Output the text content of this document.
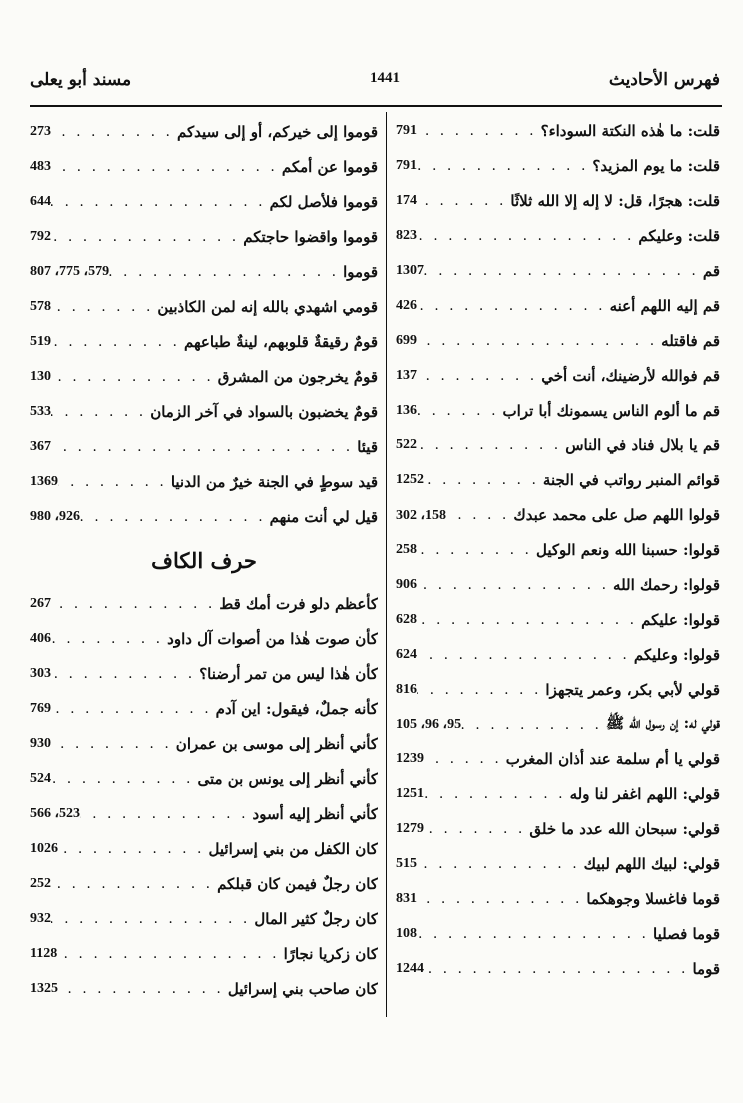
فهرس الأحاديث
1441
مسند أبو يعلى
قلت: ما هٰذه النكتة السوداء؟
. . .
791
قلت: ما يوم المزيد؟
. . .
791
قلت: هجرًا، قل: لا إله إلا الله ثلاثًا
. . .
174
قلت: وعليكم
. . .
823
قم
. . .
1307
قم إليه اللهم أعنه
. . .
426
قم فاقتله
. . .
699
قم فوالله لأرضينك، أنت أخي
. . .
137
قم ما ألوم الناس يسمونك أبا تراب
. . .
136
قم يا بلال فناد في الناس
. . .
522
قوائم المنبر رواتب في الجنة
. . .
1252
قولوا اللهم صل على محمد عبدك
. . .
158، 302
قولوا: حسبنا الله ونعم الوكيل
. . .
258
قولوا: رحمك الله
. . .
906
قولوا: عليكم
. . .
628
قولوا: وعليكم
. . .
624
قولي لأبي بكر، وعمر يتجهزا
. . .
816
قولي له: إن رسول الله ﷺ
. . .
95، 96، 105
قولي يا أم سلمة عند أذان المغرب
. . .
1239
قولي: اللهم اغفر لنا وله
. . .
1251
قولي: سبحان الله عدد ما خلق
. . .
1279
قولي: لبيك اللهم لبيك
. . .
515
قوما فاغسلا وجوهكما
. . .
831
قوما فصليا
. . .
108
قوما
. . .
1244
قوموا إلى خيركم، أو إلى سيدكم
. . .
273
قوموا عن أمكم
. . .
483
قوموا فلأصل لكم
. . .
644
قوموا واقضوا حاجتكم
. . .
792
قوموا
. . .
579، 775، 807
قومي اشهدي بالله إنه لمن الكاذبين
. . .
578
قومٌ رقيقةٌ قلوبهم، لينةٌ طباعهم
. . .
519
قومٌ يخرجون من المشرق
. . .
130
قومٌ يخضبون بالسواد في آخر الزمان
. . .
533
قيئا
. . .
367
قيد سوطٍ في الجنة خيرٌ من الدنيا
. . .
1369
قيل لي أنت منهم
. . .
926، 980
حرف الكاف
كأعظم دلو فرت أمك قط
. . .
267
كأن صوت هٰذا من أصوات آل داود
. . .
406
كأن هٰذا ليس من تمر أرضنا؟
. . .
303
كأنه جملٌ، فيقول: اين آدم
. . .
769
كأني أنظر إلى موسى بن عمران
. . .
930
كأني أنظر إلى يونس بن متى
. . .
524
كأني أنظر إليه أسود
. . .
523، 566
كان الكفل من بني إسرائيل
. . .
1026
كان رجلٌ فيمن كان قبلكم
. . .
252
كان رجلٌ كثير المال
. . .
932
كان زكريا نجارًا
. . .
1128
كان صاحب بني إسرائيل
. . .
1325
